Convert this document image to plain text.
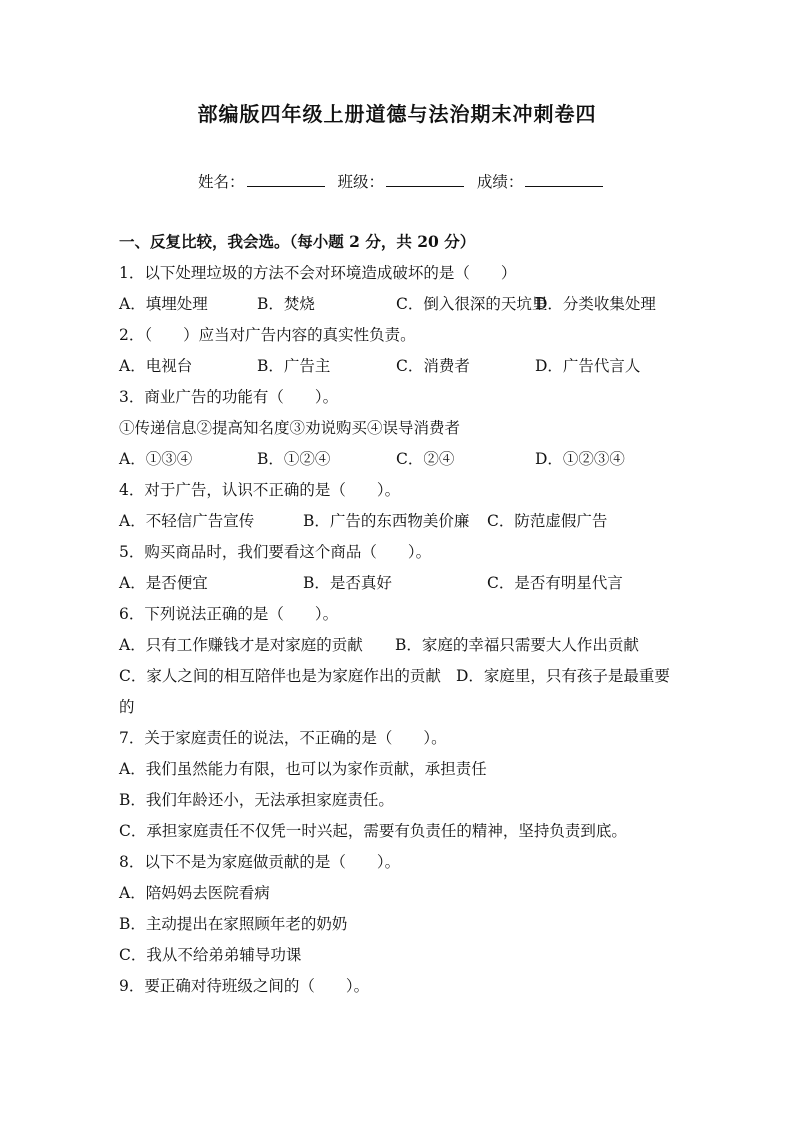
部编版四年级上册道德与法治期末冲刺卷四
姓名：	班级：	成绩：
一、反复比较，我会选。（每小题 2 分，共 20 分）
1．以下处理垃圾的方法不会对环境造成破坏的是（　　）
A．填埋处理	B．焚烧	C．倒入很深的天坑里
D．分类收集处理
2．（　　）应当对广告内容的真实性负责。
A．电视台	B．广告主	C．消费者	D．广告代言人
3．商业广告的功能有（　　）。
①传递信息②提高知名度③劝说购买④误导消费者
A．①③④	B．①②④	C．②④	D．①②③④
4．对于广告，认识不正确的是（　　）。
A．不轻信广告宣传	B．广告的东西物美价廉 C．防范虚假广告
5．购买商品时，我们要看这个商品（　　）。
A．是否便宜	B．是否真好	C．是否有明星代言
6．下列说法正确的是（　　）。
A．只有工作赚钱才是对家庭的贡献 B．家庭的幸福只需要大人作出贡献
C．家人之间的相互陪伴也是为家庭作出的贡献 D．家庭里，只有孩子是最重要
的
7．关于家庭责任的说法，不正确的是（　　）。
A．我们虽然能力有限，也可以为家作贡献，承担责任
B．我们年龄还小，无法承担家庭责任。
C．承担家庭责任不仅凭一时兴起，需要有负责任的精神，坚持负责到底。
8．以下不是为家庭做贡献的是（　　）。
A．陪妈妈去医院看病
B．主动提出在家照顾年老的奶奶
C．我从不给弟弟辅导功课
9．要正确对待班级之间的（　　）。
